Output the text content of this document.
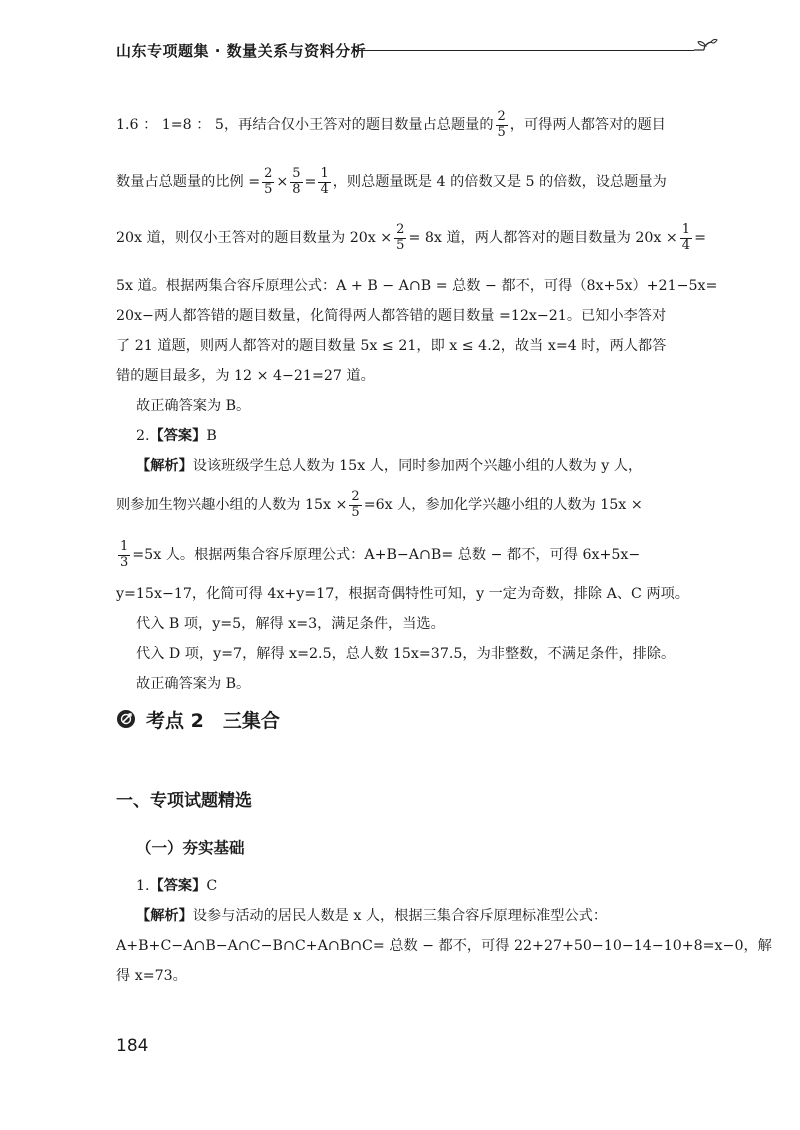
山东专项题集 · 数量关系与资料分析

1.6 ： 1=8 ： 5，再结合仅小王答对的题目数量占总题量的 $\frac{2}{5}$ ，可得两人都答对的题目

数量占总题量的比例 = $\frac{2}{5} \times \frac{5}{8} = \frac{1}{4}$ ，则总题量既是 4 的倍数又是 5 的倍数，设总题量为

20x 道，则仅小王答对的题目数量为 $20x \times \frac{2}{5} = 8x$ 道，两人都答对的题目数量为 $20x \times \frac{1}{4}$ =

5x 道。根据两集合容斥原理公式：A + B − A∩B = 总数 − 都不，可得（8x+5x）+21−5x=

20x−两人都答错的题目数量，化简得两人都答错的题目数量 =12x−21。已知小李答对

了 21 道题，则两人都答对的题目数量 5x ≤ 21，即 x ≤ 4.2，故当 x=4 时，两人都答

错的题目最多，为 12 × 4−21=27 道。

故正确答案为 B。

2.【答案】B

【解析】设该班级学生总人数为 15x 人，同时参加两个兴趣小组的人数为 y 人，

则参加生物兴趣小组的人数为 $15x \times \frac{2}{5} =6x$ 人，参加化学兴趣小组的人数为 15x ×

$\frac{1}{3} =5x$ 人。根据两集合容斥原理公式：A+B−A∩B= 总数 − 都不，可得 6x+5x−

y=15x−17，化简可得 4x+y=17，根据奇偶特性可知，y 一定为奇数，排除 A、C 两项。

代入 B 项，y=5，解得 x=3，满足条件，当选。

代入 D 项，y=7，解得 x=2.5，总人数 15x=37.5，为非整数，不满足条件，排除。

故正确答案为 B。

考点 2　三集合
一、专项试题精选
（一）夯实基础

1.【答案】C

【解析】设参与活动的居民人数是 x 人，根据三集合容斥原理标准型公式：

A+B+C−A∩B−A∩C−B∩C+A∩B∩C= 总数 − 都不，可得 22+27+50−10−14−10+8=x−0，解

得 x=73。

184
